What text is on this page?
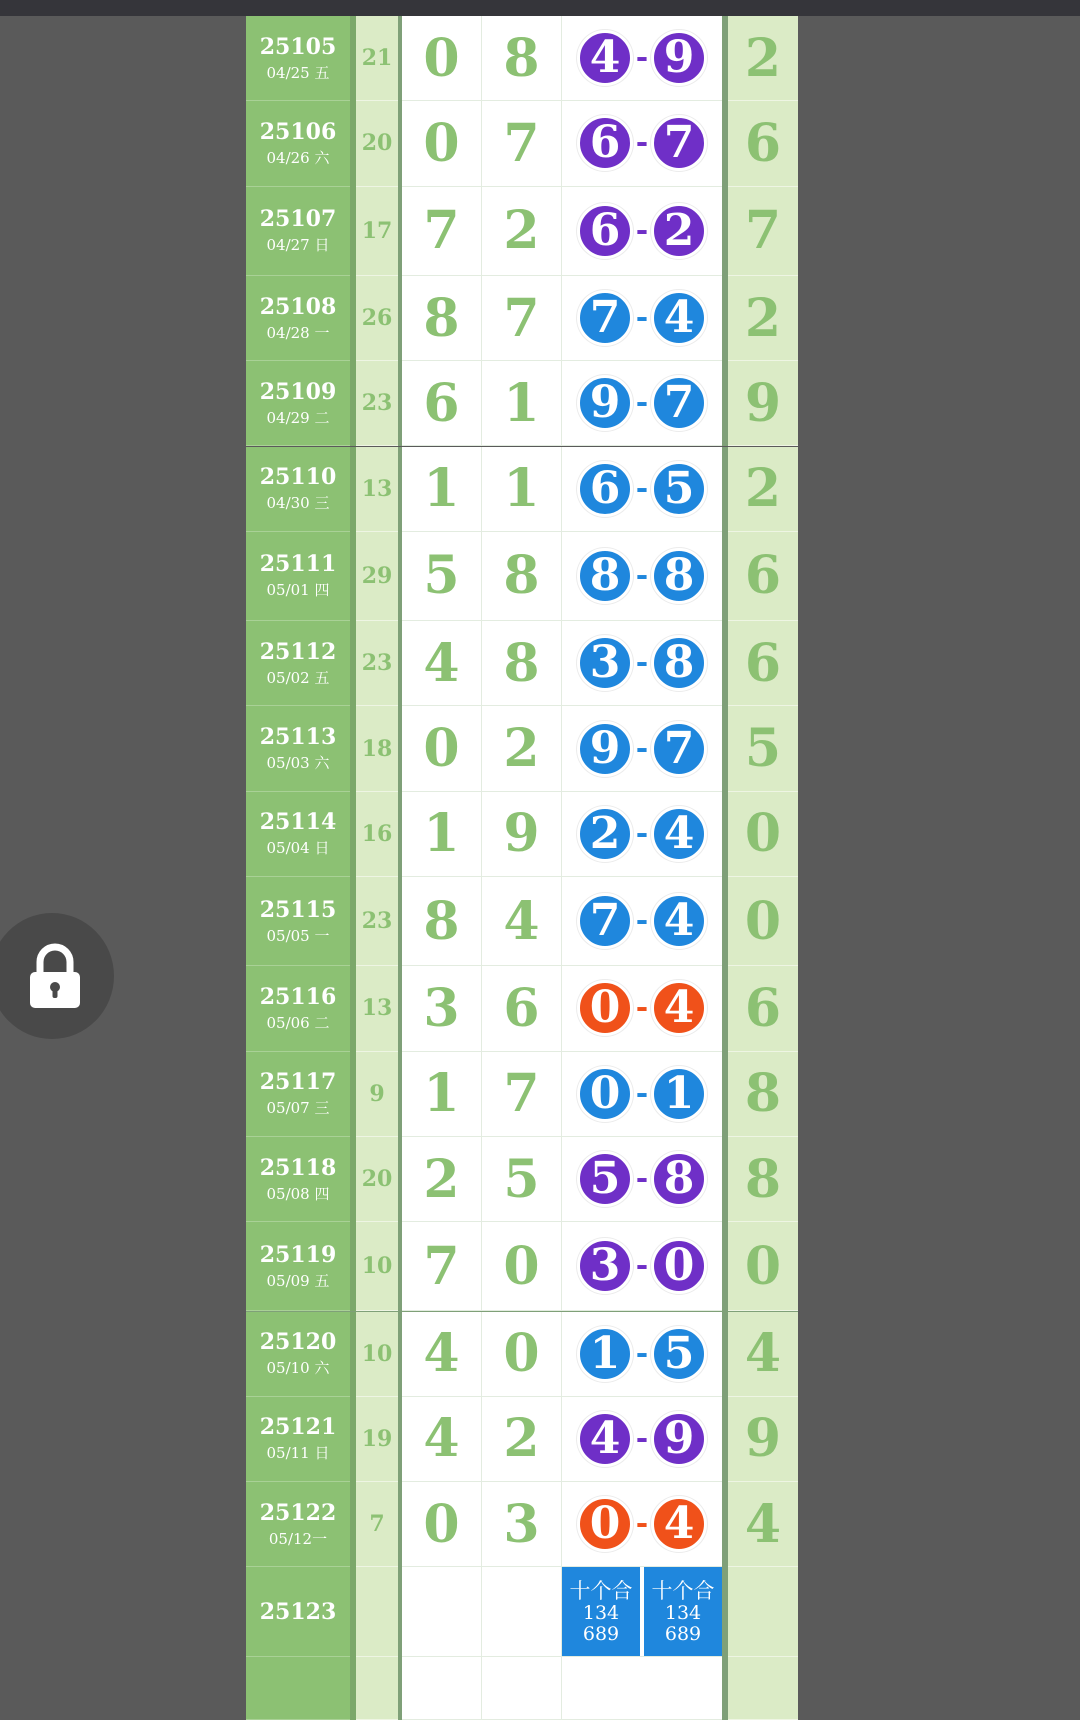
25105
04/25 五
21 0 8	4 - 9 2
25106
04/26 六
20 0 7	6 - 7 6
25107
04/27 日
17 7 2	6 - 2 7
25108
04/28 一
26 8 7	7 - 4 2
25109
04/29 二
23 6 1	9 - 7 9
25110
04/30 三
13 1 1	6 - 5 2
25111
05/01 四
29 5 8	8 - 8 6
25112
05/02 五
23 4 8	3 - 8 6
25113
05/03 六
18 0 2	9 - 7 5
25114
05/04 日
16 1 9	2 - 4 0
25115
05/05 一
23 8 4	7 - 4 0
25116
05/06 二
13 3 6	0 - 4 6
25117
05/07 三
9 1 7	0 - 1 8
25118
05/08 四
20 2 5	5 - 8 8
25119
05/09 五
10 7 0	3 - 0 0
25120
05/10 六
10 4 0	1 - 5 4
25121
05/11 日
19 4 2	4 - 9 9
25122
05/12一
7 0 3	0 - 4 4
25123
十个合
134
689
十个合
134
689
